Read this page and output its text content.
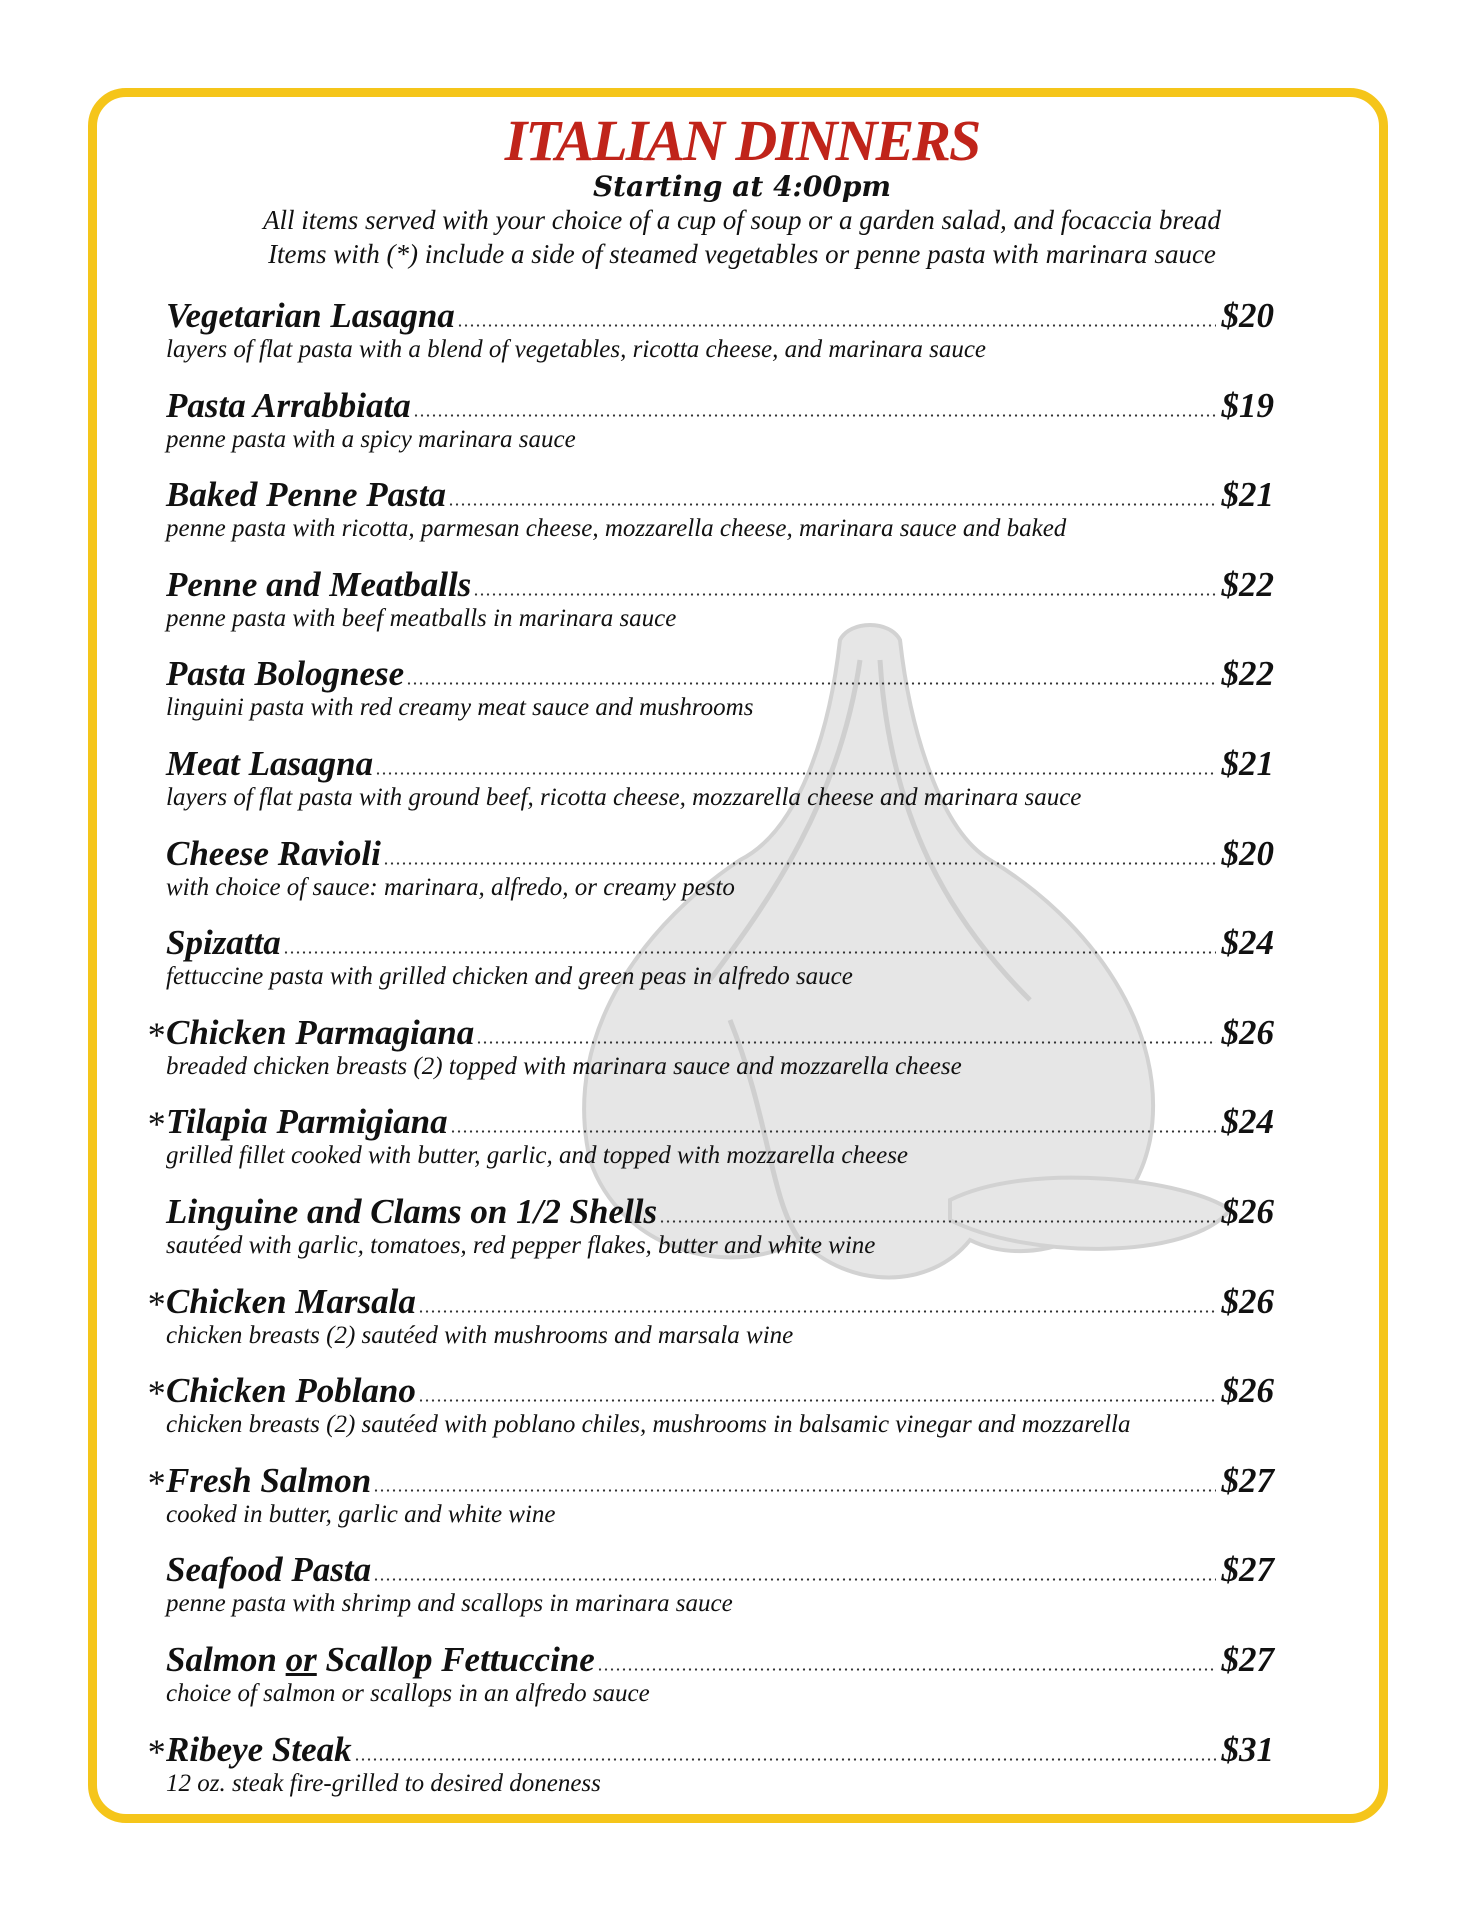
ITALIAN DINNERS
Starting at 4:00pm
All items served with your choice of a cup of soup or a garden salad, and focaccia bread
Items with (*) include a side of steamed vegetables or penne pasta with marinara sauce
Vegetarian Lasagna	$20
layers of flat pasta with a blend of vegetables, ricotta cheese, and marinara sauce
Pasta Arrabbiata	$19
penne pasta with a spicy marinara sauce
Baked Penne Pasta	$21
penne pasta with ricotta, parmesan cheese, mozzarella cheese, marinara sauce and baked
Penne and Meatballs	$22
penne pasta with beef meatballs in marinara sauce
Pasta Bolognese	$22
linguini pasta with red creamy meat sauce and mushrooms
Meat Lasagna	$21
layers of flat pasta with ground beef, ricotta cheese, mozzarella cheese and marinara sauce
Cheese Ravioli	$20
with choice of sauce: marinara, alfredo, or creamy pesto
Spizatta	$24
fettuccine pasta with grilled chicken and green peas in alfredo sauce
* Chicken Parmagiana	$26
breaded chicken breasts (2) topped with marinara sauce and mozzarella cheese
* Tilapia Parmigiana	$24
grilled fillet cooked with butter, garlic, and topped with mozzarella cheese
Linguine and Clams on 1/2 Shells	$26
sautéed with garlic, tomatoes, red pepper flakes, butter and white wine
* Chicken Marsala	$26
chicken breasts (2) sautéed with mushrooms and marsala wine
* Chicken Poblano	$26
chicken breasts (2) sautéed with poblano chiles, mushrooms in balsamic vinegar and mozzarella
* Fresh Salmon	$27
cooked in butter, garlic and white wine
Seafood Pasta	$27
penne pasta with shrimp and scallops in marinara sauce
Salmon or Scallop Fettuccine	$27
choice of salmon or scallops in an alfredo sauce
* Ribeye Steak	$31
12 oz. steak fire-grilled to desired doneness
